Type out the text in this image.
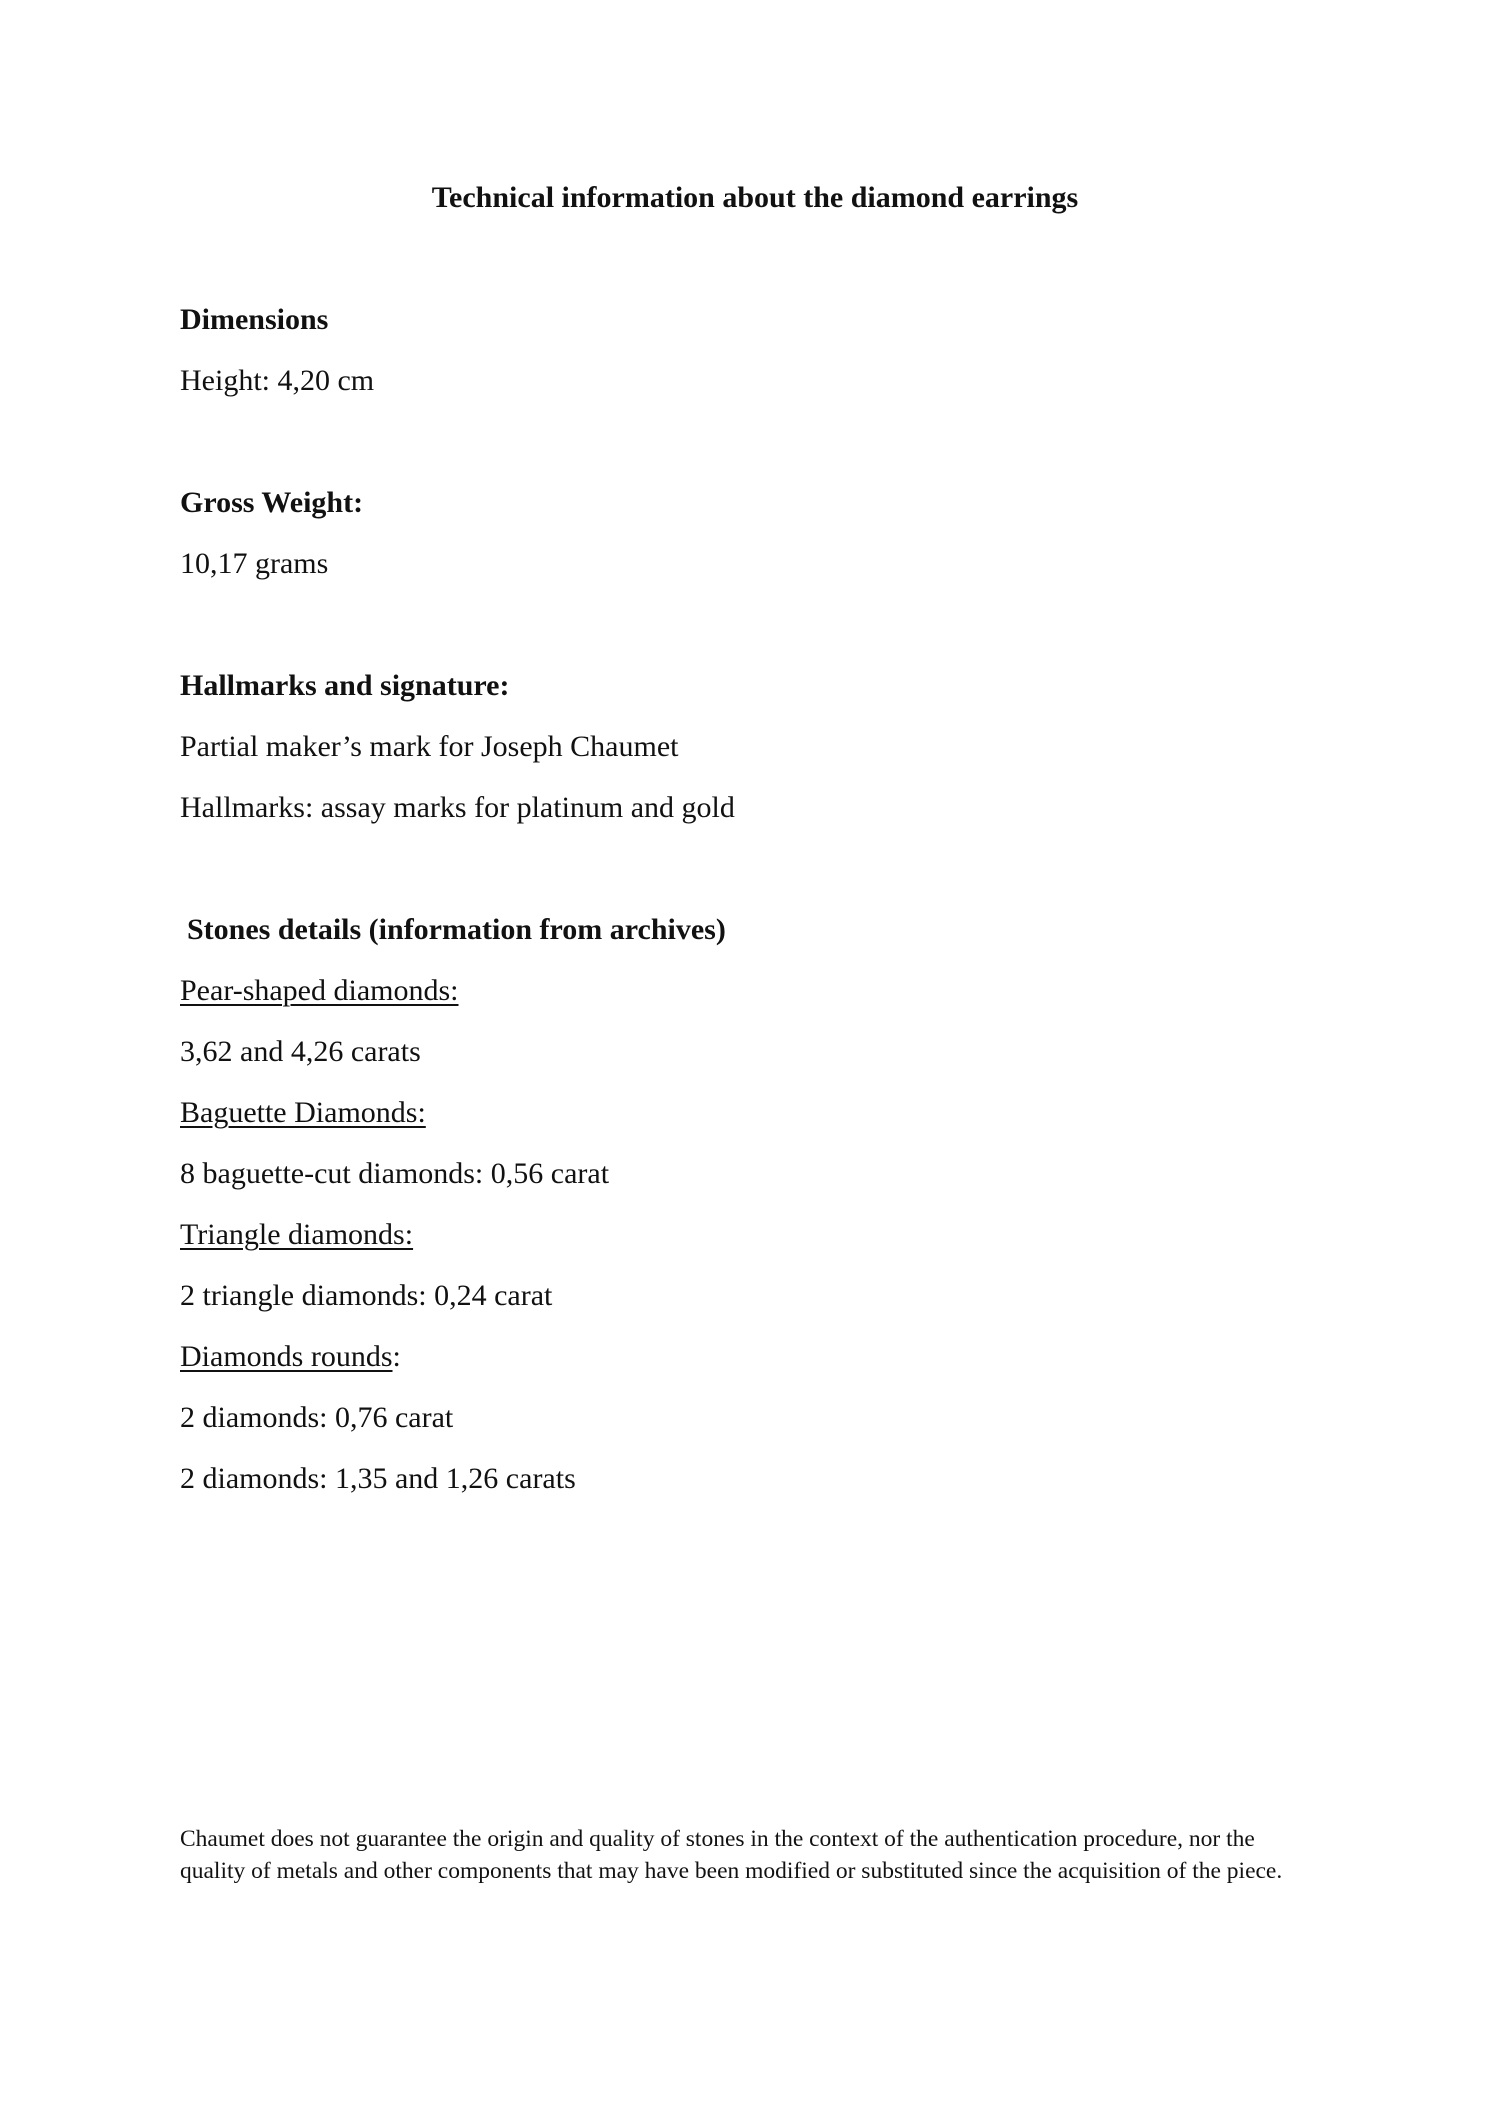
Technical information about the diamond earrings
Dimensions
Height: 4,20 cm
Gross Weight:
10,17 grams
Hallmarks and signature:
Partial maker’s mark for Joseph Chaumet
Hallmarks: assay marks for platinum and gold
Stones details (information from archives)
Pear-shaped diamonds:
3,62 and 4,26 carats
Baguette Diamonds:
8 baguette-cut diamonds: 0,56 carat
Triangle diamonds:
2 triangle diamonds: 0,24 carat
Diamonds rounds:
2 diamonds: 0,76 carat
2 diamonds: 1,35 and 1,26 carats
Chaumet does not guarantee the origin and quality of stones in the context of the authentication procedure, nor the quality of metals and other components that may have been modified or substituted since the acquisition of the piece.
